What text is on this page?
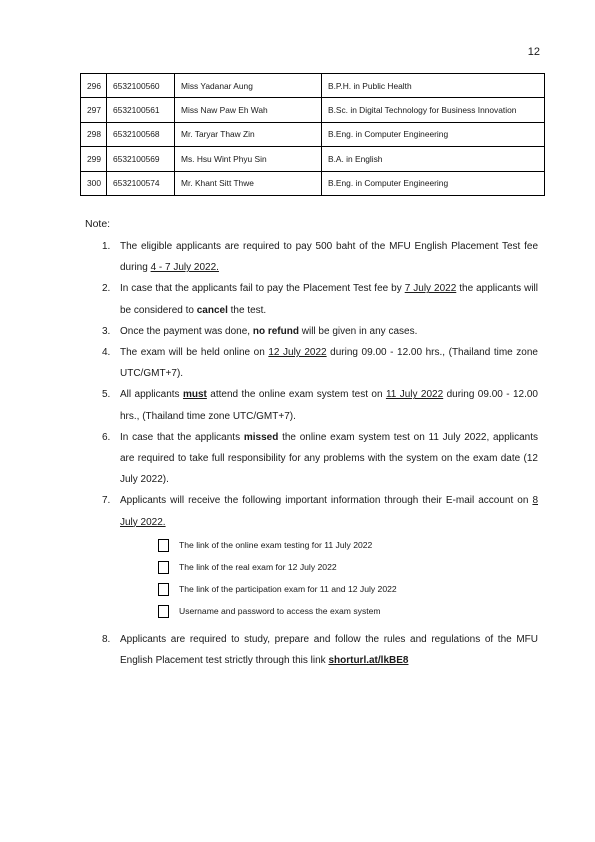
12
296	6532100560	Miss Yadanar Aung	B.P.H. in Public Health
297	6532100561	Miss Naw Paw Eh Wah	B.Sc. in Digital Technology for Business Innovation
298	6532100568	Mr. Taryar Thaw Zin	B.Eng. in Computer Engineering
299	6532100569	Ms. Hsu Wint Phyu Sin	B.A. in English
300	6532100574	Mr. Khant Sitt Thwe	B.Eng. in Computer Engineering
Note:
1. The eligible applicants are required to pay 500 baht of the MFU English Placement Test fee during 4 - 7 July 2022.
2. In case that the applicants fail to pay the Placement Test fee by 7 July 2022 the applicants will be considered to cancel the test.
3. Once the payment was done, no refund will be given in any cases.
4. The exam will be held online on 12 July 2022 during 09.00 - 12.00 hrs., (Thailand time zone UTC/GMT+7).
5. All applicants must attend the online exam system test on 11 July 2022 during 09.00 - 12.00 hrs., (Thailand time zone UTC/GMT+7).
6. In case that the applicants missed the online exam system test on 11 July 2022, applicants are required to take full responsibility for any problems with the system on the exam date (12 July 2022).
7. Applicants will receive the following important information through their E-mail account on 8 July 2022.
The link of the online exam testing for 11 July 2022
The link of the real exam for 12 July 2022
The link of the participation exam for 11 and 12 July 2022
Username and password to access the exam system
8. Applicants are required to study, prepare and follow the rules and regulations of the MFU English Placement test strictly through this link shorturl.at/lkBE8
